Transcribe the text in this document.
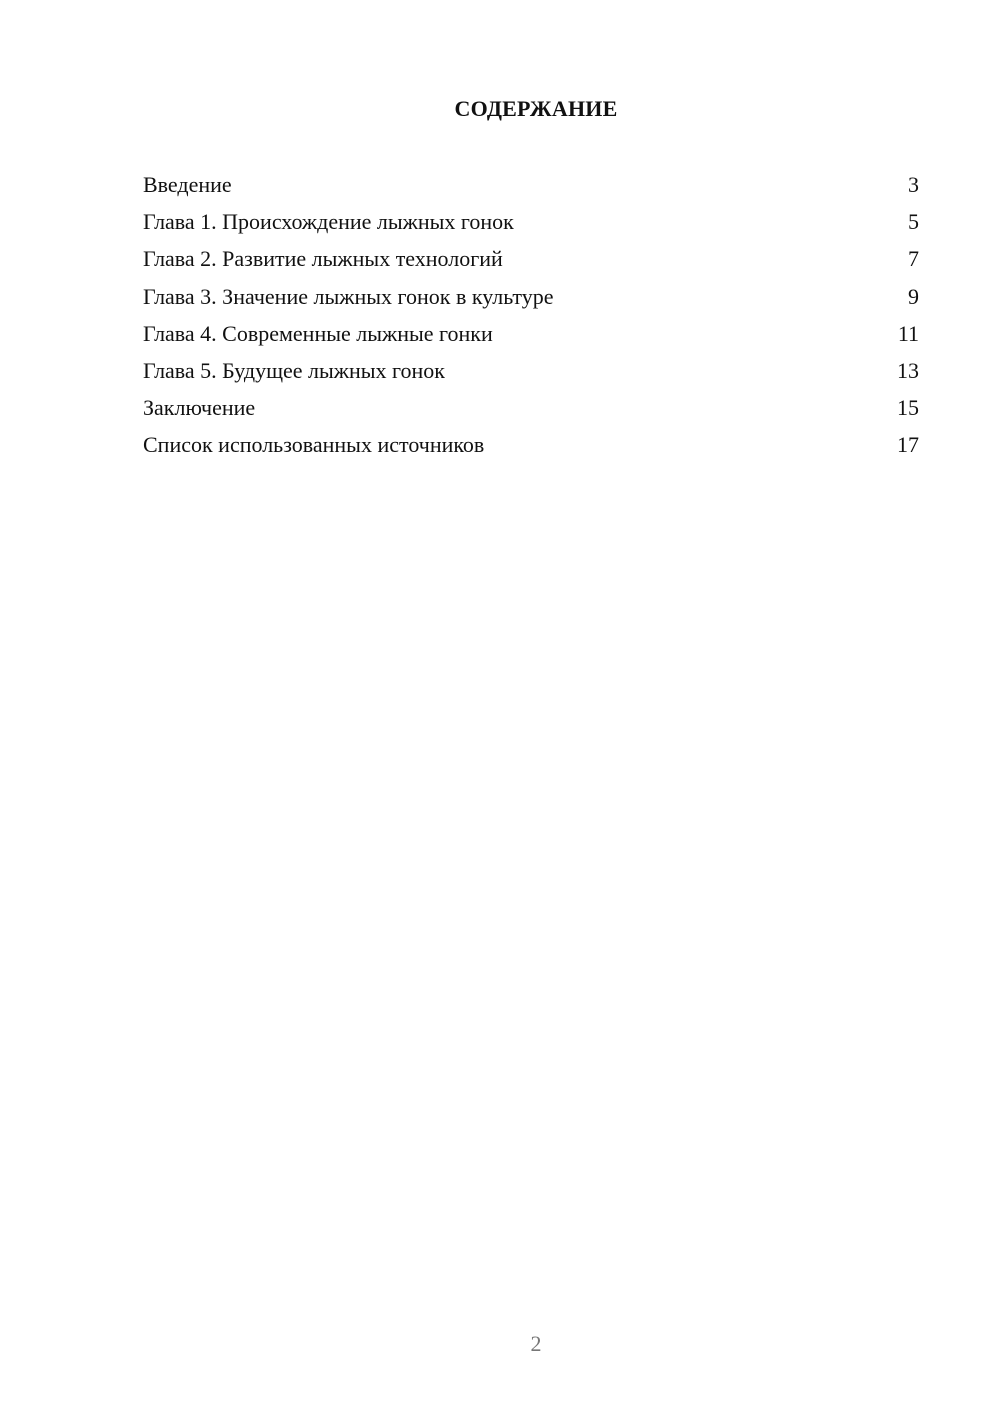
СОДЕРЖАНИЕ
Введение	3
Глава 1. Происхождение лыжных гонок	5
Глава 2. Развитие лыжных технологий	7
Глава 3. Значение лыжных гонок в культуре	9
Глава 4. Современные лыжные гонки	11
Глава 5. Будущее лыжных гонок	13
Заключение	15
Список использованных источников	17
2
